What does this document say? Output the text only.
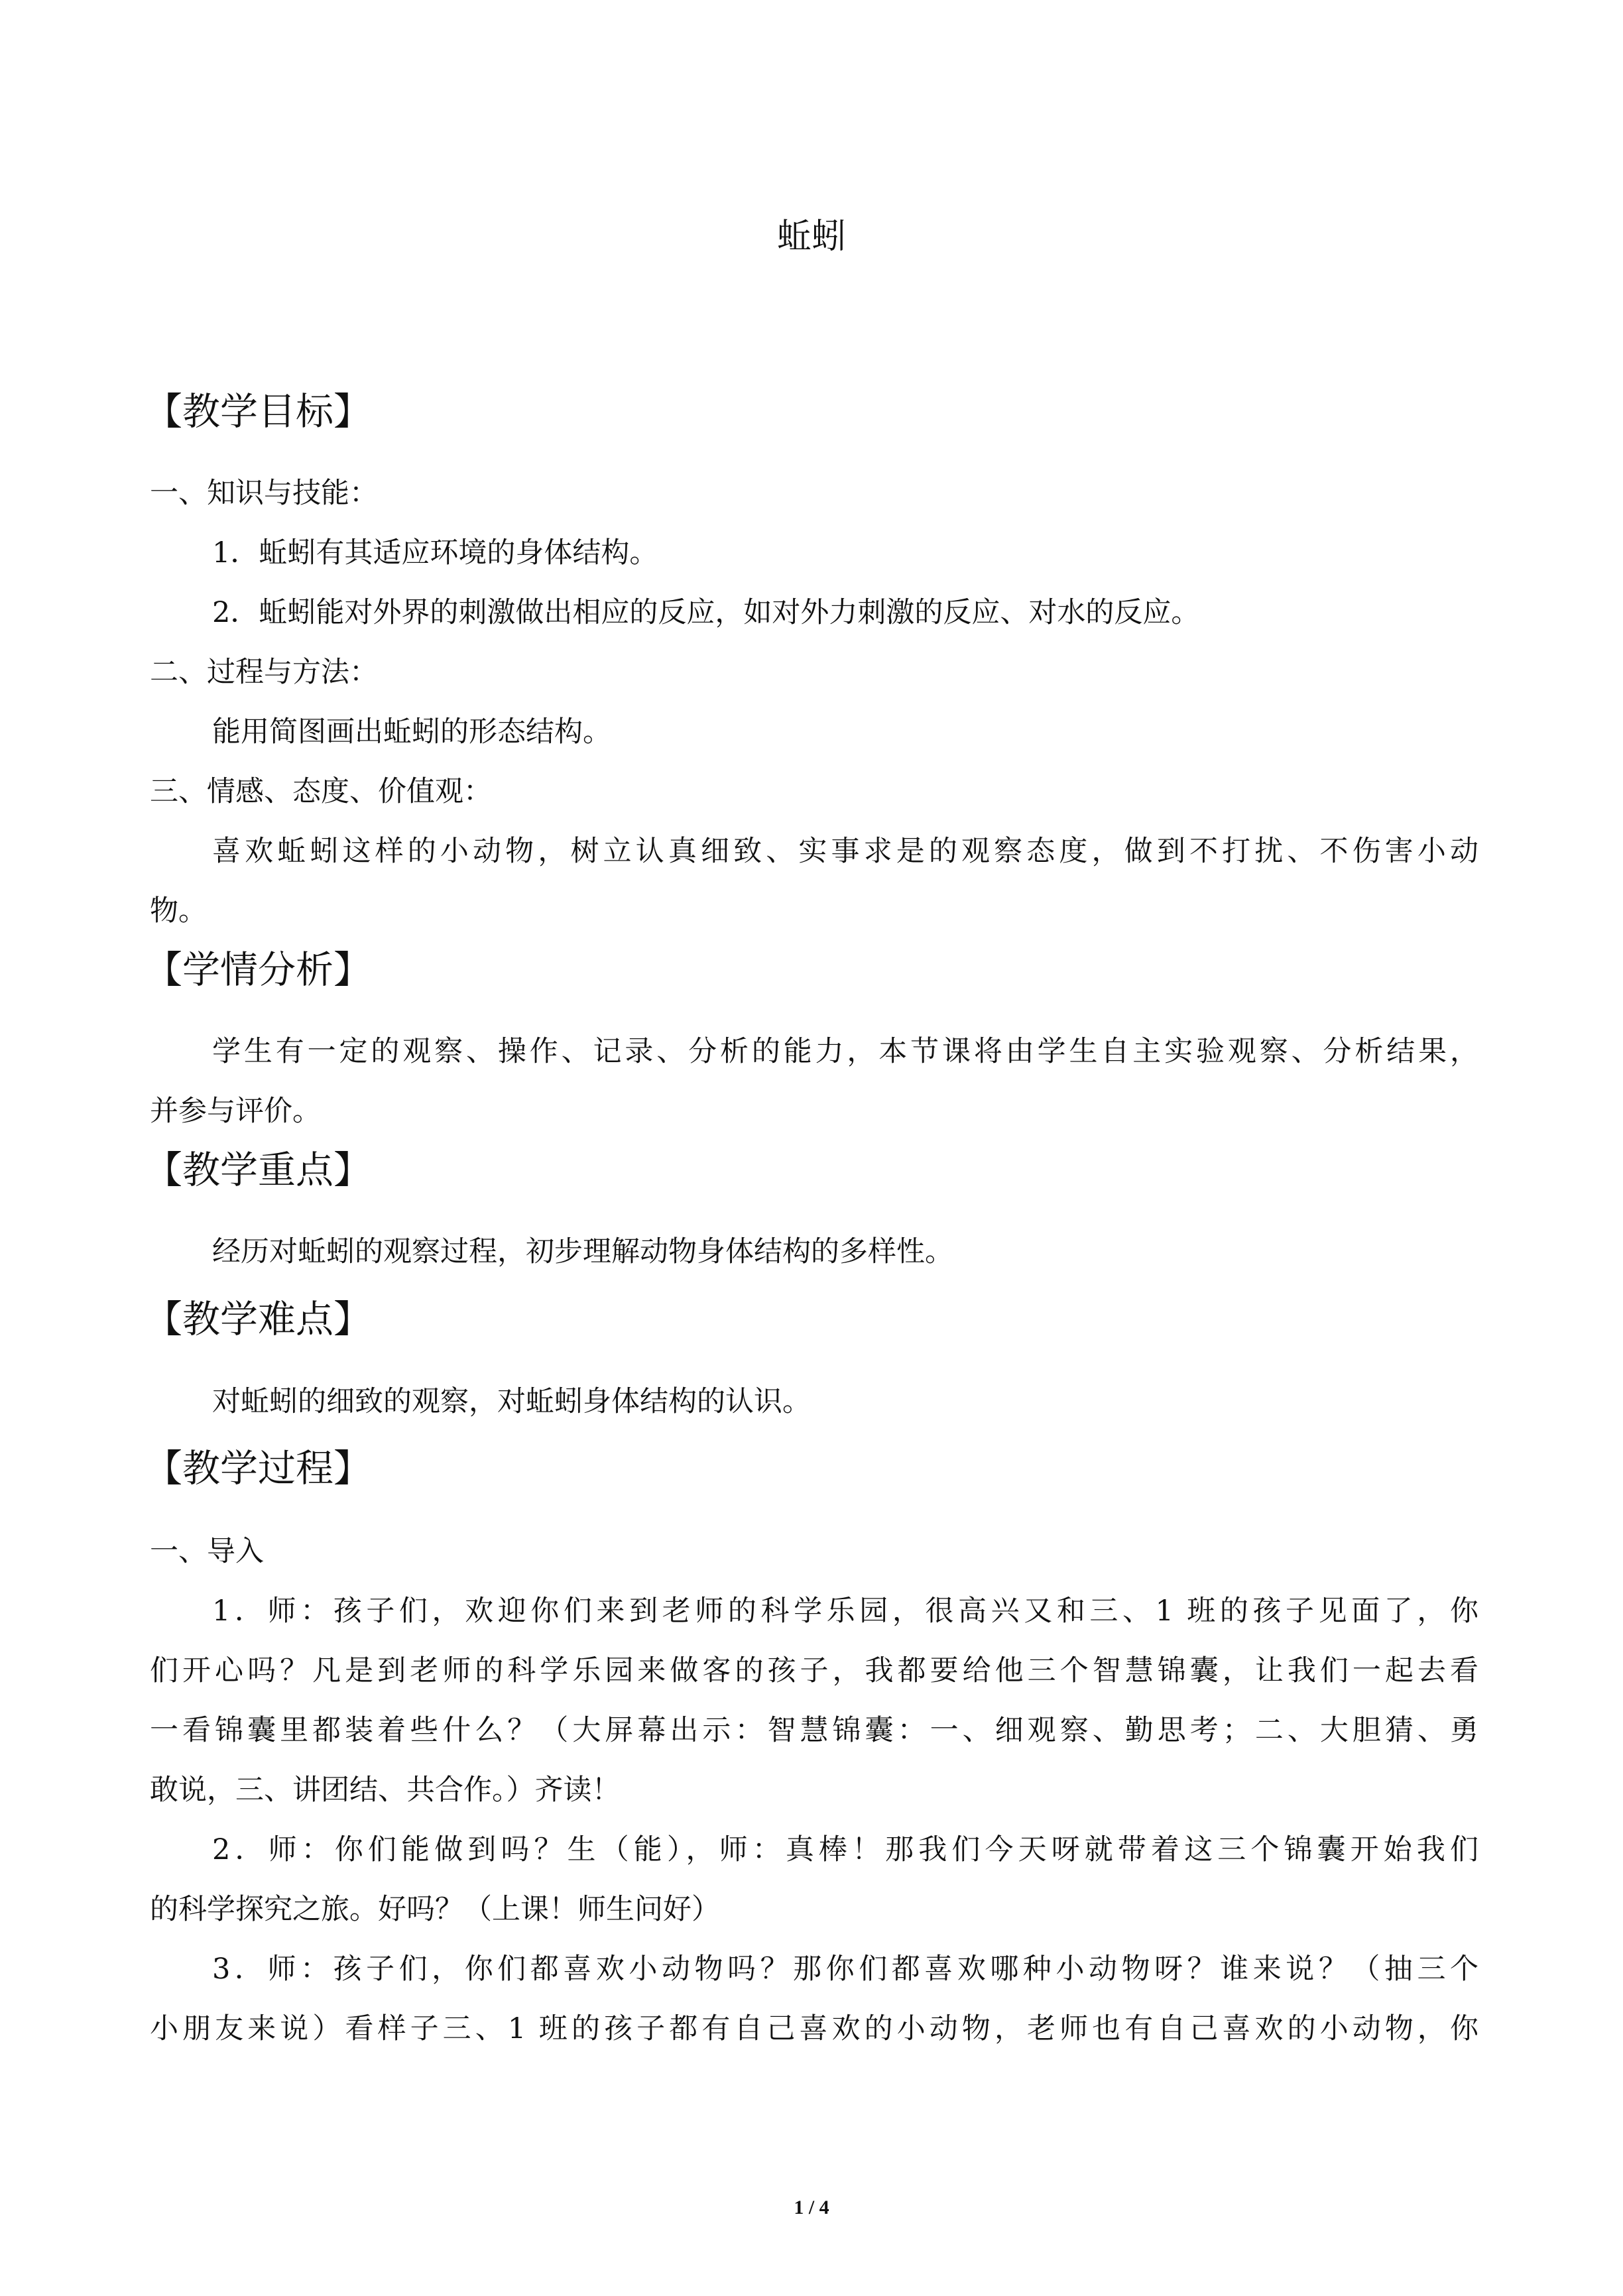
蚯蚓
【教学目标】
一、知识与技能：
1．蚯蚓有其适应环境的身体结构。
2．蚯蚓能对外界的刺激做出相应的反应，如对外力刺激的反应、对水的反应。
二、过程与方法：
能用简图画出蚯蚓的形态结构。
三、情感、态度、价值观：
喜欢蚯蚓这样的小动物，树立认真细致、实事求是的观察态度，做到不打扰、不伤害小动
物。
【学情分析】
学生有一定的观察、操作、记录、分析的能力，本节课将由学生自主实验观察、分析结果，
并参与评价。
【教学重点】
经历对蚯蚓的观察过程，初步理解动物身体结构的多样性。
【教学难点】
对蚯蚓的细致的观察，对蚯蚓身体结构的认识。
【教学过程】
一、导入
1．师：孩子们，欢迎你们来到老师的科学乐园，很高兴又和三、1 班的孩子见面了，你
们开心吗？凡是到老师的科学乐园来做客的孩子，我都要给他三个智慧锦囊，让我们一起去看
一看锦囊里都装着些什么？（大屏幕出示：智慧锦囊：一、细观察、勤思考；二、大胆猜、勇
敢说，三、讲团结、共合作。）齐读！
2．师：你们能做到吗？生（能），师：真棒！那我们今天呀就带着这三个锦囊开始我们
的科学探究之旅。好吗？（上课！师生问好）
3．师：孩子们，你们都喜欢小动物吗？那你们都喜欢哪种小动物呀？谁来说？（抽三个
小朋友来说）看样子三、1 班的孩子都有自己喜欢的小动物，老师也有自己喜欢的小动物，你
1 / 4
